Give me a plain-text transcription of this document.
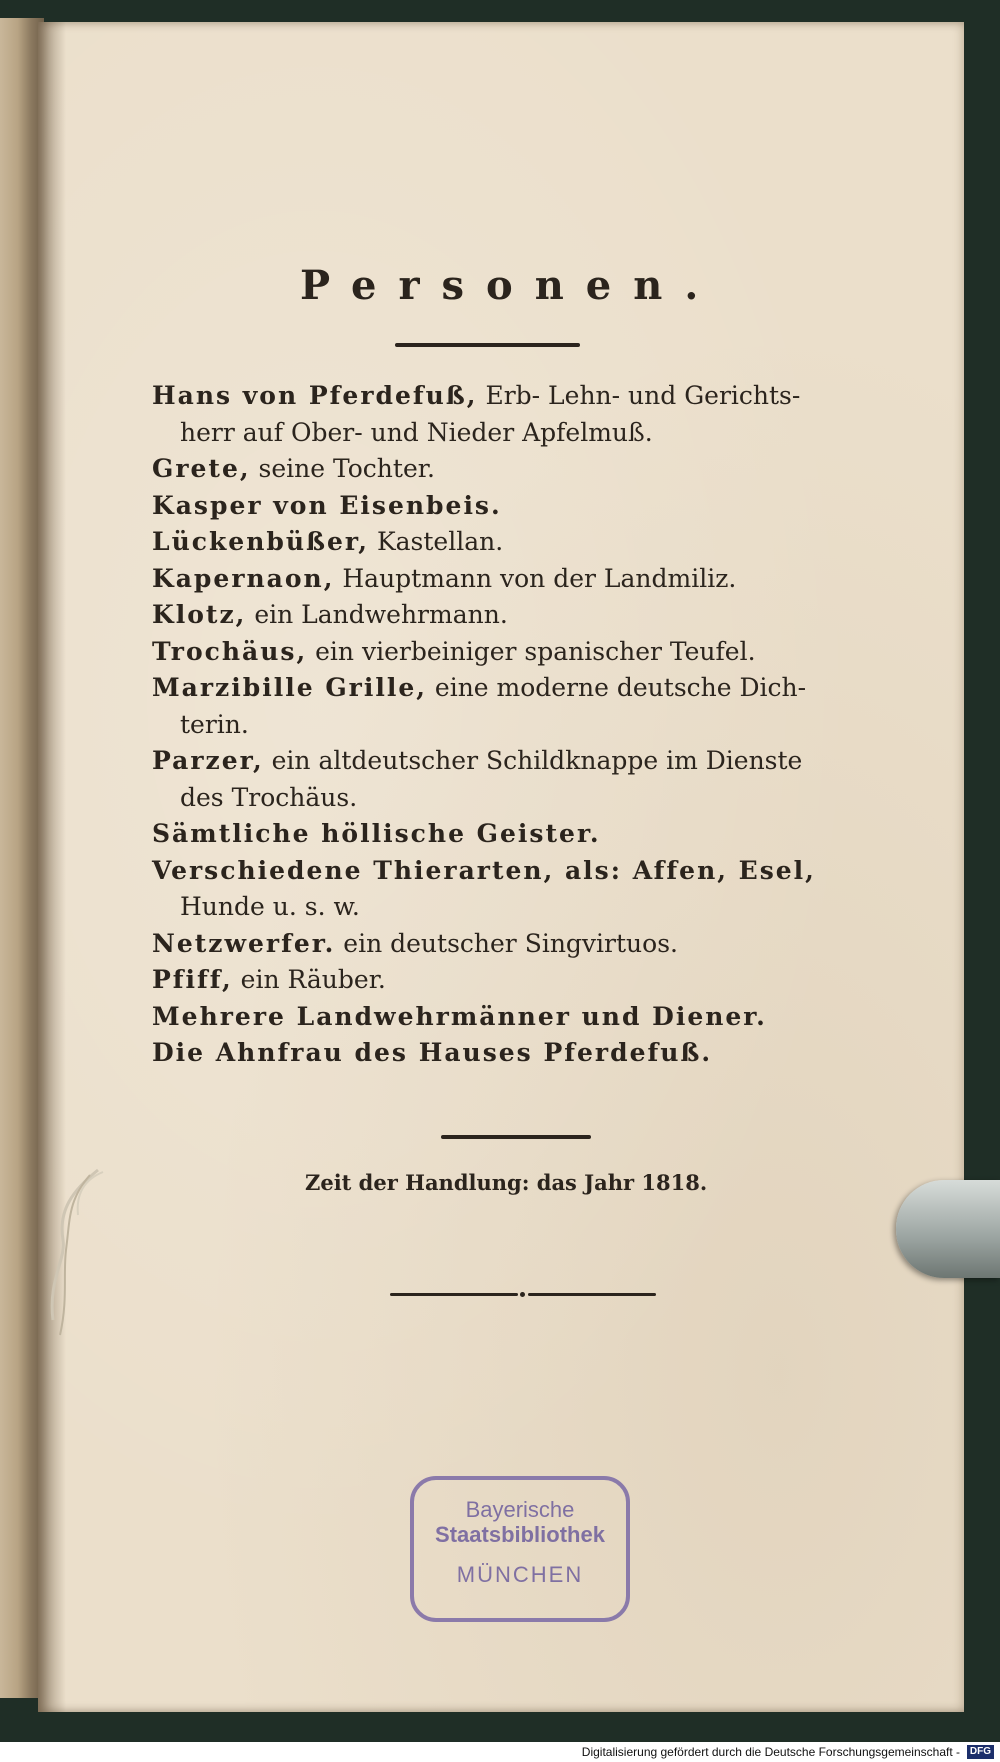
Personen.
Hans von Pferdefuß, Erb- Lehn- und Gerichts-
herr auf Ober- und Nieder Apfelmuß.
Grete, seine Tochter.
Kasper von Eisenbeis.
Lückenbüßer, Kastellan.
Kapernaon, Hauptmann von der Landmiliz.
Klotz, ein Landwehrmann.
Trochäus, ein vierbeiniger spanischer Teufel.
Marzibille Grille, eine moderne deutsche Dich-
terin.
Parzer, ein altdeutscher Schildknappe im Dienste
des Trochäus.
Sämtliche höllische Geister.
Verschiedene Thierarten, als: Affen, Esel,
Hunde u. s. w.
Netzwerfer. ein deutscher Singvirtuos.
Pfiff, ein Räuber.
Mehrere Landwehrmänner und Diener.
Die Ahnfrau des Hauses Pferdefuß.
Zeit der Handlung: das Jahr 1818.
Bayerische
Staatsbibliothek
MÜNCHEN
Digitalisierung gefördert durch die Deutsche Forschungsgemeinschaft - DFG
